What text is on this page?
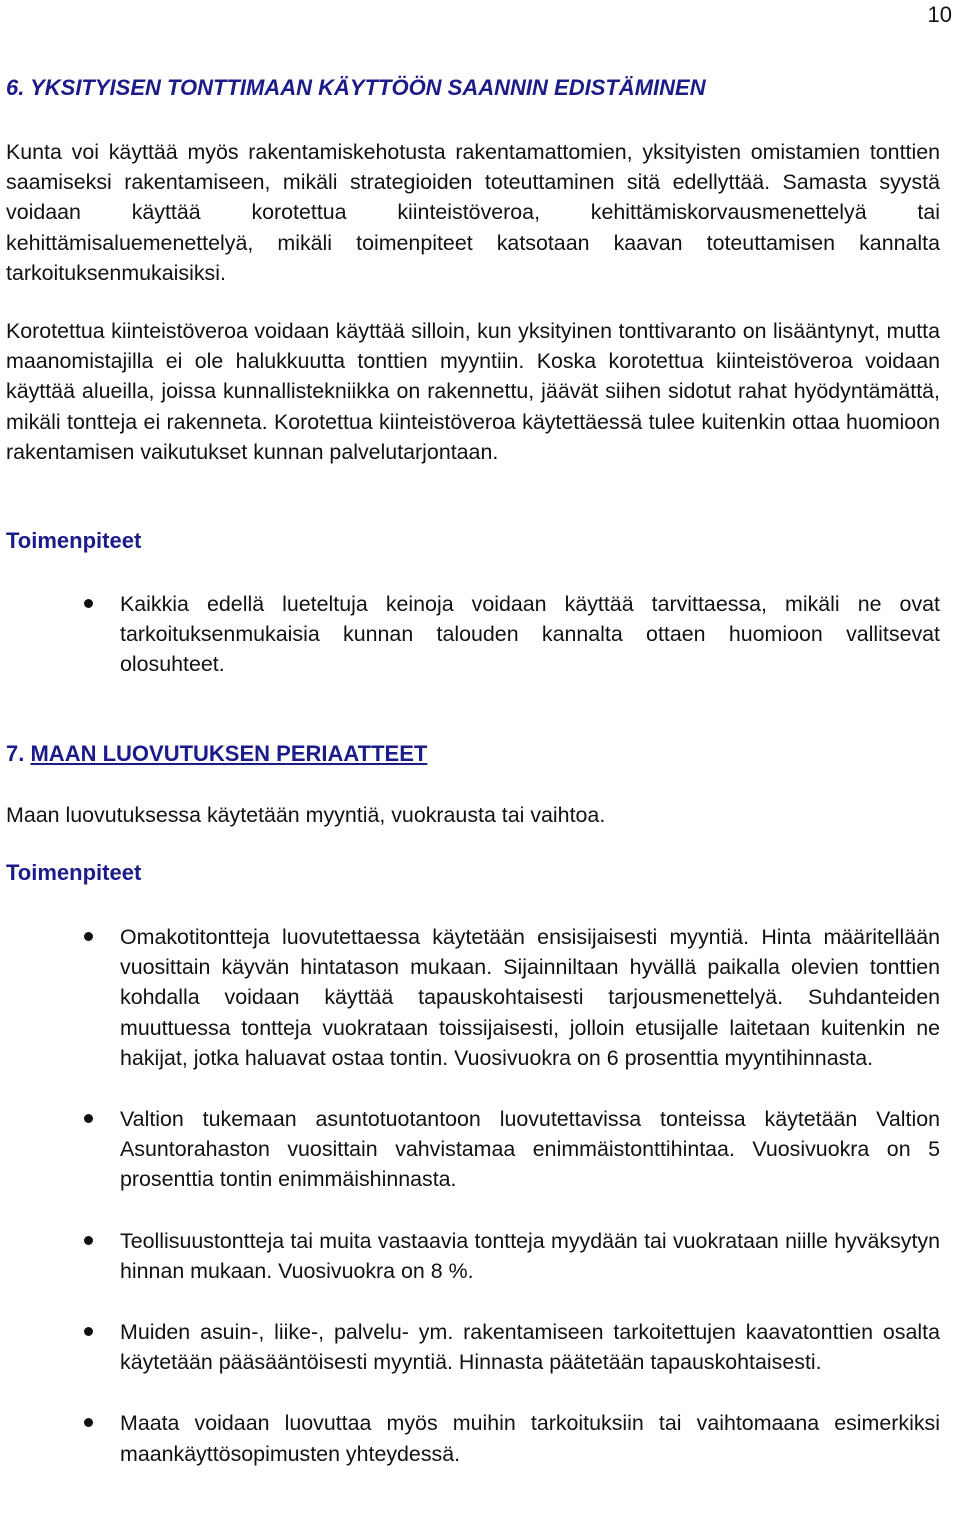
10
6. YKSITYISEN TONTTIMAAN KÄYTTÖÖN SAANNIN EDISTÄMINEN

Kunta voi käyttää myös rakentamiskehotusta rakentamattomien, yksityisten omistamien tonttien saamiseksi rakentamiseen, mikäli strategioiden toteuttaminen sitä edellyttää. Samasta syystä voidaan käyttää korotettua kiinteistöveroa, kehittämiskorvausmenettelyä tai kehittämisaluemenettelyä, mikäli toimenpiteet katsotaan kaavan toteuttamisen kannalta tarkoituksenmukaisiksi.

Korotettua kiinteistöveroa voidaan käyttää silloin, kun yksityinen tonttivaranto on lisääntynyt, mutta maanomistajilla ei ole halukkuutta tonttien myyntiin. Koska korotettua kiinteistöveroa voidaan käyttää alueilla, joissa kunnallistekniikka on rakennettu, jäävät siihen sidotut rahat hyödyntämättä, mikäli tontteja ei rakenneta. Korotettua kiinteistöveroa käytettäessä tulee kuitenkin ottaa huomioon rakentamisen vaikutukset kunnan palvelutarjontaan.

Toimenpiteet
Kaikkia edellä lueteltuja keinoja voidaan käyttää tarvittaessa, mikäli ne ovat tarkoituksenmukaisia kunnan talouden kannalta ottaen huomioon vallitsevat olosuhteet.
7. MAAN LUOVUTUKSEN PERIAATTEET

Maan luovutuksessa käytetään myyntiä, vuokrausta tai vaihtoa.

Toimenpiteet
Omakotitontteja luovutettaessa käytetään ensisijaisesti myyntiä. Hinta määritellään vuosittain käyvän hintatason mukaan. Sijainniltaan hyvällä paikalla olevien tonttien kohdalla voidaan käyttää tapauskohtaisesti tarjousmenettelyä. Suhdanteiden muuttuessa tontteja vuokrataan toissijaisesti, jolloin etusijalle laitetaan kuitenkin ne hakijat, jotka haluavat ostaa tontin. Vuosivuokra on 6 prosenttia myyntihinnasta.
Valtion tukemaan asuntotuotantoon luovutettavissa tonteissa käytetään Valtion Asuntorahaston vuosittain vahvistamaa enimmäistonttihintaa. Vuosivuokra on 5 prosenttia tontin enimmäishinnasta.
Teollisuustontteja tai muita vastaavia tontteja myydään tai vuokrataan niille hyväksytyn hinnan mukaan. Vuosivuokra on 8 %.
Muiden asuin-, liike-, palvelu- ym. rakentamiseen tarkoitettujen kaavatonttien osalta käytetään pääsääntöisesti myyntiä. Hinnasta päätetään tapauskohtaisesti.
Maata voidaan luovuttaa myös muihin tarkoituksiin tai vaihtomaana esimerkiksi maankäyttösopimusten yhteydessä.
